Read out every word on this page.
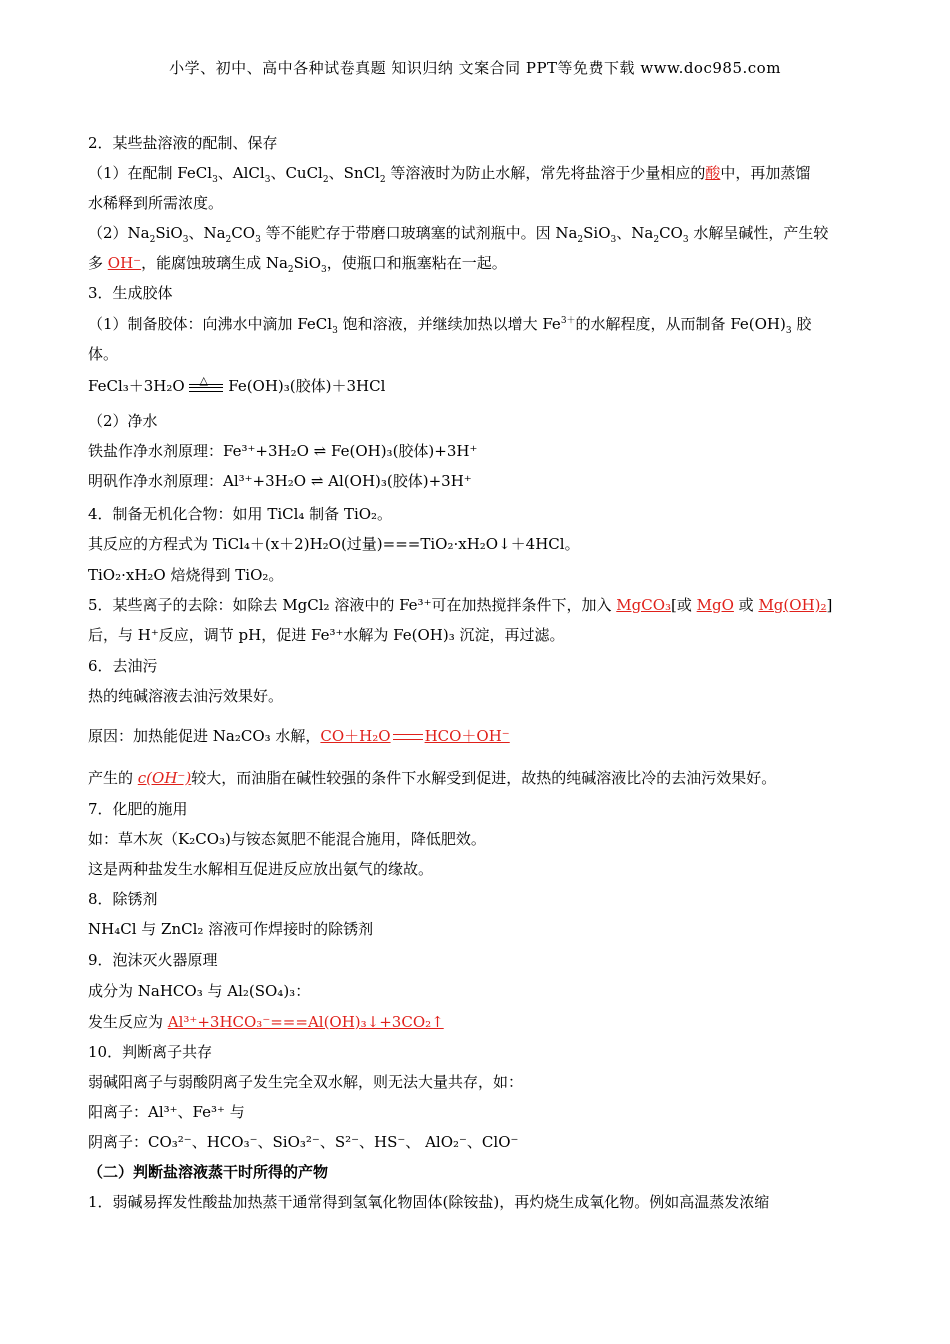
小学、初中、高中各种试卷真题 知识归纳 文案合同 PPT等免费下载 www.doc985.com
2．某些盐溶液的配制、保存
（1）在配制 FeCl$_3$、AlCl$_3$、CuCl$_2$、SnCl$_2$ 等溶液时为防止水解，常先将盐溶于少量相应的酸中，再加蒸馏
水稀释到所需浓度。
$(2)Na_2SiO_3$、$Na_2CO_3$ 等不能贮存于带磨口玻璃塞的试剂瓶中。因 $Na_2SiO_3$、$Na_2CO_3$ 水解呈碱性，产生较
多 OH⁻，能腐蚀玻璃生成 $Na_2SiO_3$，使瓶口和瓶塞粘在一起。
3．生成胶体
（1）制备胶体：向沸水中滴加 FeCl$_3$ 饱和溶液，并继续加热以增大 $Fe^{3+}$的水解程度，从而制备 $Fe(OH)_3$ 胶
体。
FeCl₃＋3H₂O △ Fe(OH)₃(胶体)＋3HCl
（2）净水
铁盐作净水剂原理：Fe³⁺+3H₂O ⇌ Fe(OH)₃(胶体)+3H⁺
明矾作净水剂原理：Al³⁺+3H₂O ⇌ Al(OH)₃(胶体)+3H⁺
4．制备无机化合物：如用 TiCl₄ 制备 TiO₂。
其反应的方程式为 TiCl₄＋(x＋2)H₂O(过量)===TiO₂·xH₂O↓＋4HCl。
TiO₂·xH₂O 焙烧得到 TiO₂。
5．某些离子的去除：如除去 MgCl₂ 溶液中的 Fe³⁺可在加热搅拌条件下，加入 MgCO₃[或 MgO 或 Mg(OH)₂]
后，与 H⁺反应，调节 pH，促进 Fe³⁺水解为 Fe(OH)₃ 沉淀，再过滤。
6．去油污
热的纯碱溶液去油污效果好。
原因：加热能促进 Na₂CO₃ 水解，CO＋H₂O HCO＋OH⁻
产生的 c(OH⁻)较大，而油脂在碱性较强的条件下水解受到促进，故热的纯碱溶液比冷的去油污效果好。
7．化肥的施用
如：草木灰（K₂CO₃)与铵态氮肥不能混合施用，降低肥效。
这是两种盐发生水解相互促进反应放出氨气的缘故。
8．除锈剂
NH₄Cl 与 ZnCl₂ 溶液可作焊接时的除锈剂
9．泡沫灭火器原理
成分为 NaHCO₃ 与 Al₂(SO₄)₃：
发生反应为 Al³⁺+3HCO₃⁻===Al(OH)₃↓+3CO₂↑
10．判断离子共存
弱碱阳离子与弱酸阴离子发生完全双水解，则无法大量共存，如：
阳离子：Al³⁺、Fe³⁺ 与
阴离子：CO₃²⁻、HCO₃⁻、SiO₃²⁻、S²⁻、HS⁻、 AlO₂⁻、ClO⁻
（二）判断盐溶液蒸干时所得的产物
1．弱碱易挥发性酸盐加热蒸干通常得到氢氧化物固体(除铵盐)，再灼烧生成氧化物。例如高温蒸发浓缩
